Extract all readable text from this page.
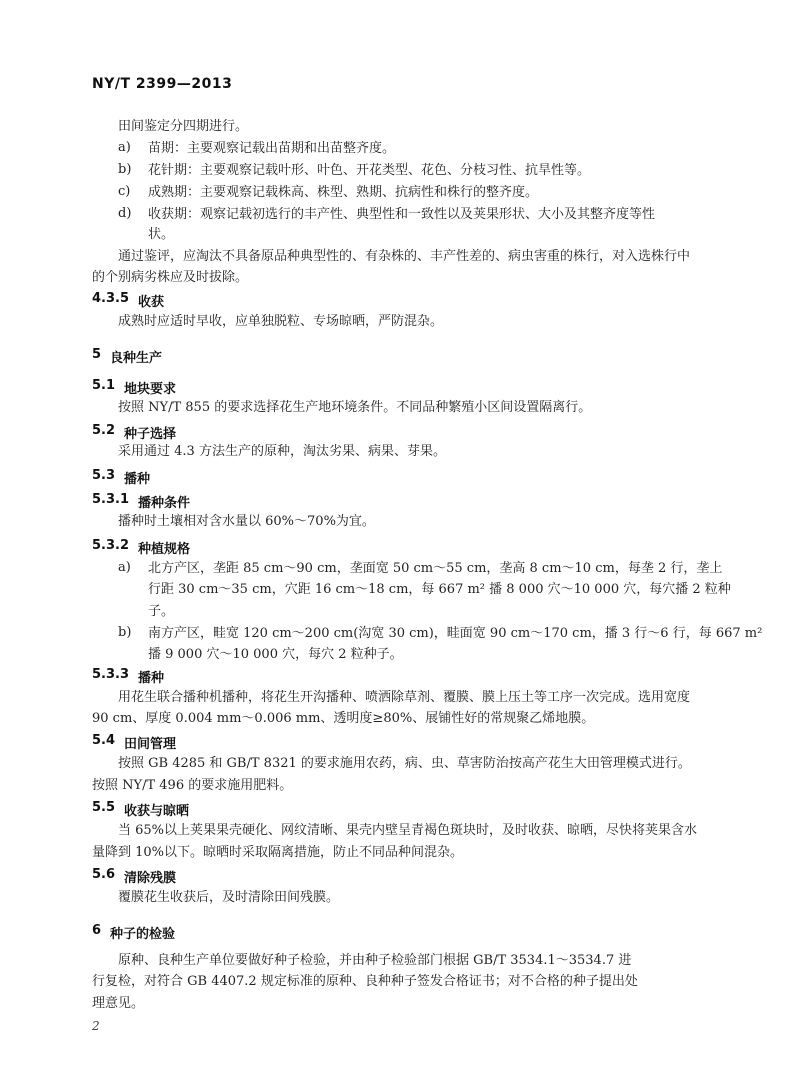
NY/T 2399—2013
田间鉴定分四期进行。
a) 苗期：主要观察记载出苗期和出苗整齐度。
b) 花针期：主要观察记载叶形、叶色、开花类型、花色、分枝习性、抗旱性等。
c) 成熟期：主要观察记载株高、株型、熟期、抗病性和株行的整齐度。
d) 收获期：观察记载初选行的丰产性、典型性和一致性以及荚果形状、大小及其整齐度等性
状。
通过鉴评，应淘汰不具备原品种典型性的、有杂株的、丰产性差的、病虫害重的株行，对入选株行中
的个别病劣株应及时拔除。
4.3.5 收获
成熟时应适时早收，应单独脱粒、专场晾晒，严防混杂。
5 良种生产
5.1 地块要求
按照 NY/T 855 的要求选择花生产地环境条件。不同品种繁殖小区间设置隔离行。
5.2 种子选择
采用通过 4.3 方法生产的原种，淘汰劣果、病果、芽果。
5.3 播种
5.3.1 播种条件
播种时土壤相对含水量以 60%～70%为宜。
5.3.2 种植规格
a) 北方产区，垄距 85 cm～90 cm，垄面宽 50 cm～55 cm，垄高 8 cm～10 cm，每垄 2 行，垄上
行距 30 cm～35 cm，穴距 16 cm～18 cm，每 667 m² 播 8 000 穴～10 000 穴，每穴播 2 粒种
子。
b) 南方产区，畦宽 120 cm～200 cm(沟宽 30 cm)，畦面宽 90 cm～170 cm，播 3 行～6 行，每 667 m²
播 9 000 穴～10 000 穴，每穴 2 粒种子。
5.3.3 播种
用花生联合播种机播种，将花生开沟播种、喷洒除草剂、覆膜、膜上压土等工序一次完成。选用宽度
90 cm、厚度 0.004 mm～0.006 mm、透明度≥80%、展铺性好的常规聚乙烯地膜。
5.4 田间管理
按照 GB 4285 和 GB/T 8321 的要求施用农药，病、虫、草害防治按高产花生大田管理模式进行。
按照 NY/T 496 的要求施用肥料。
5.5 收获与晾晒
当 65%以上荚果果壳硬化、网纹清晰、果壳内壁呈青褐色斑块时，及时收获、晾晒，尽快将荚果含水
量降到 10%以下。晾晒时采取隔离措施，防止不同品种间混杂。
5.6 清除残膜
覆膜花生收获后，及时清除田间残膜。
6 种子的检验
原种、良种生产单位要做好种子检验，并由种子检验部门根据 GB/T 3534.1～3534.7 进
行复检，对符合 GB 4407.2 规定标准的原种、良种种子签发合格证书；对不合格的种子提出处
理意见。
2
